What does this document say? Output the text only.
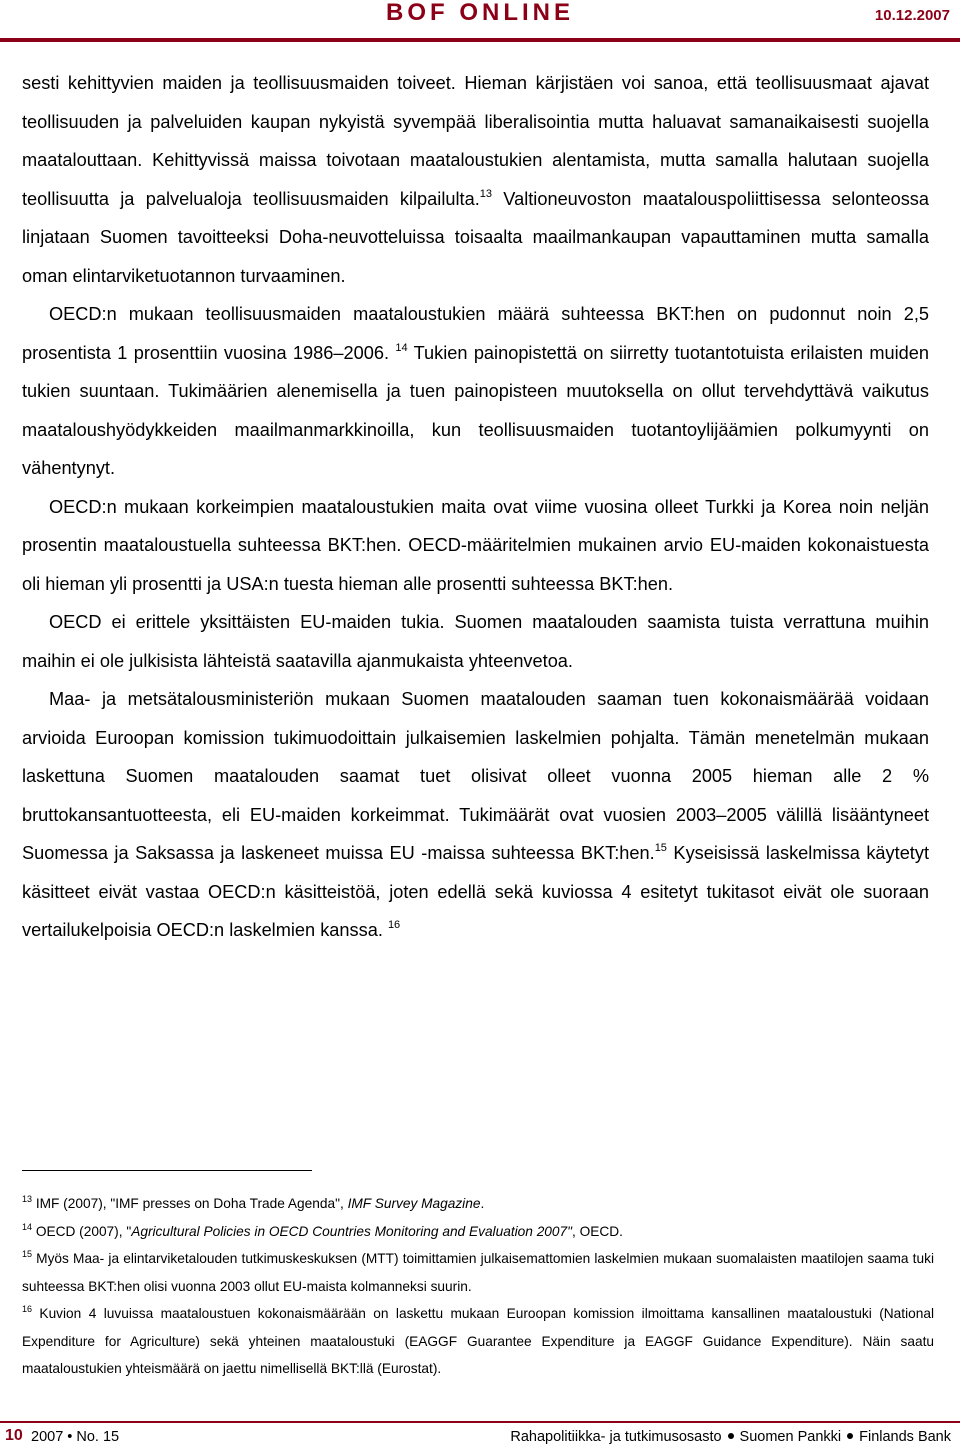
BOF ONLINE	10.12.2007

sesti kehittyvien maiden ja teollisuusmaiden toiveet. Hieman kärjistäen voi sanoa, että teollisuusmaat ajavat teollisuuden ja palveluiden kaupan nykyistä syvempää liberalisointia mutta haluavat samanaikaisesti suojella maatalouttaan. Kehittyvissä maissa toivotaan maataloustukien alentamista, mutta samalla halutaan suojella teollisuutta ja palvelualoja teollisuusmaiden kilpailulta.$^{13}$ Valtioneuvoston maatalouspoliittisessa selonteossa linjataan Suomen tavoitteeksi Doha-neuvotteluissa toisaalta maailmankaupan vapauttaminen mutta samalla oman elintarviketuotannon turvaaminen.

OECD:n mukaan teollisuusmaiden maataloustukien määrä suhteessa BKT:hen on pudonnut noin 2,5 prosentista 1 prosenttiin vuosina 1986–2006. $^{14}$ Tukien painopistettä on siirretty tuotantotuista erilaisten muiden tukien suuntaan. Tukimäärien alenemisella ja tuen painopisteen muutoksella on ollut tervehdyttävä vaikutus maataloushyödykkeiden maailmanmarkkinoilla, kun teollisuusmaiden tuotantoylijäämien polkumyynti on vähentynyt.

OECD:n mukaan korkeimpien maataloustukien maita ovat viime vuosina olleet Turkki ja Korea noin neljän prosentin maataloustuella suhteessa BKT:hen. OECD-määritelmien mukainen arvio EU-maiden kokonaistuesta oli hieman yli prosentti ja USA:n tuesta hieman alle prosentti suhteessa BKT:hen.

OECD ei erittele yksittäisten EU-maiden tukia. Suomen maatalouden saamista tuista verrattuna muihin maihin ei ole julkisista lähteistä saatavilla ajanmukaista yhteenvetoa.

Maa- ja metsätalousministeriön mukaan Suomen maatalouden saaman tuen kokonaismäärää voidaan arvioida Euroopan komission tukimuodoittain julkaisemien laskelmien pohjalta. Tämän menetelmän mukaan laskettuna Suomen maatalouden saamat tuet olisivat olleet vuonna 2005 hieman alle 2 % bruttokansantuotteesta, eli EU-maiden korkeimmat. Tukimäärät ovat vuosien 2003–2005 välillä lisääntyneet Suomessa ja Saksassa ja laskeneet muissa EU -maissa suhteessa BKT:hen.$^{15}$ Kyseisissä laskelmissa käytetyt käsitteet eivät vastaa OECD:n käsitteistöä, joten edellä sekä kuviossa 4 esitetyt tukitasot eivät ole suoraan vertailukelpoisia OECD:n laskelmien kanssa. $^{16}$

$^{13}$ IMF (2007), "IMF presses on Doha Trade Agenda", IMF Survey Magazine.

$^{14}$ OECD (2007), "Agricultural Policies in OECD Countries Monitoring and Evaluation 2007", OECD.

$^{15}$ Myös Maa- ja elintarviketalouden tutkimuskeskuksen (MTT) toimittamien julkaisemattomien laskelmien mukaan suomalaisten maatilojen saama tuki suhteessa BKT:hen olisi vuonna 2003 ollut EU-maista kolmanneksi suurin.

$^{16}$ Kuvion 4 luvuissa maataloustuen kokonaismäärään on laskettu mukaan Euroopan komission ilmoittama kansallinen maataloustuki (National Expenditure for Agriculture) sekä yhteinen maataloustuki (EAGGF Guarantee Expenditure ja EAGGF Guidance Expenditure). Näin saatu maataloustukien yhteismäärä on jaettu nimellisellä BKT:llä (Eurostat).

10 2007 • No. 15	Rahapolitiikka- ja tutkimusosasto Suomen Pankki Finlands Bank
